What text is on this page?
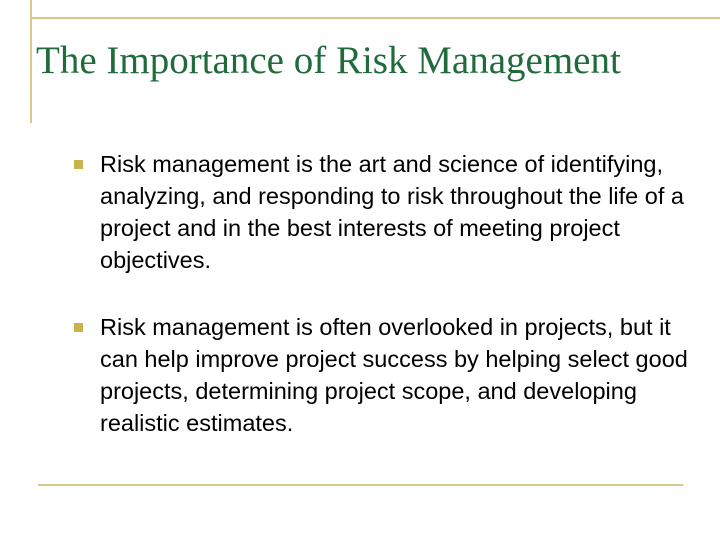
The Importance of Risk Management
Risk management is the art and science of identifying, analyzing, and responding to risk throughout the life of a project and in the best interests of meeting project objectives.
Risk management is often overlooked in projects, but it can help improve project success by helping select good projects, determining project scope, and developing realistic estimates.
